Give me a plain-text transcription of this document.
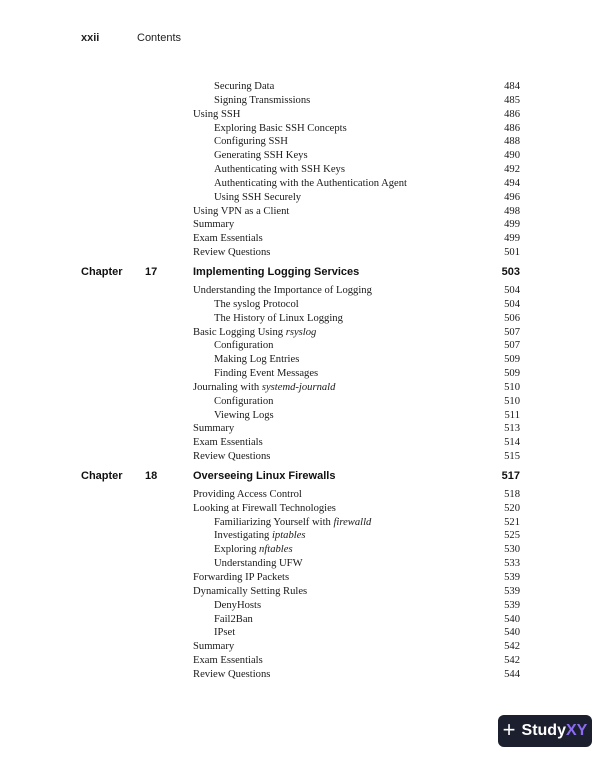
xxii	Contents
Securing Data	484
Signing Transmissions	485
Using SSH	486
Exploring Basic SSH Concepts	486
Configuring SSH	488
Generating SSH Keys	490
Authenticating with SSH Keys	492
Authenticating with the Authentication Agent	494
Using SSH Securely	496
Using VPN as a Client	498
Summary	499
Exam Essentials	499
Review Questions	501
Chapter 17	Implementing Logging Services	503
Understanding the Importance of Logging	504
The syslog Protocol	504
The History of Linux Logging	506
Basic Logging Using rsyslog	507
Configuration	507
Making Log Entries	509
Finding Event Messages	509
Journaling with systemd-journald	510
Configuration	510
Viewing Logs	511
Summary	513
Exam Essentials	514
Review Questions	515
Chapter 18	Overseeing Linux Firewalls	517
Providing Access Control	518
Looking at Firewall Technologies	520
Familiarizing Yourself with firewalld	521
Investigating iptables	525
Exploring nftables	530
Understanding UFW	533
Forwarding IP Packets	539
Dynamically Setting Rules	539
DenyHosts	539
Fail2Ban	540
IPset	540
Summary	542
Exam Essentials	542
Review Questions	544
+ StudyXY
